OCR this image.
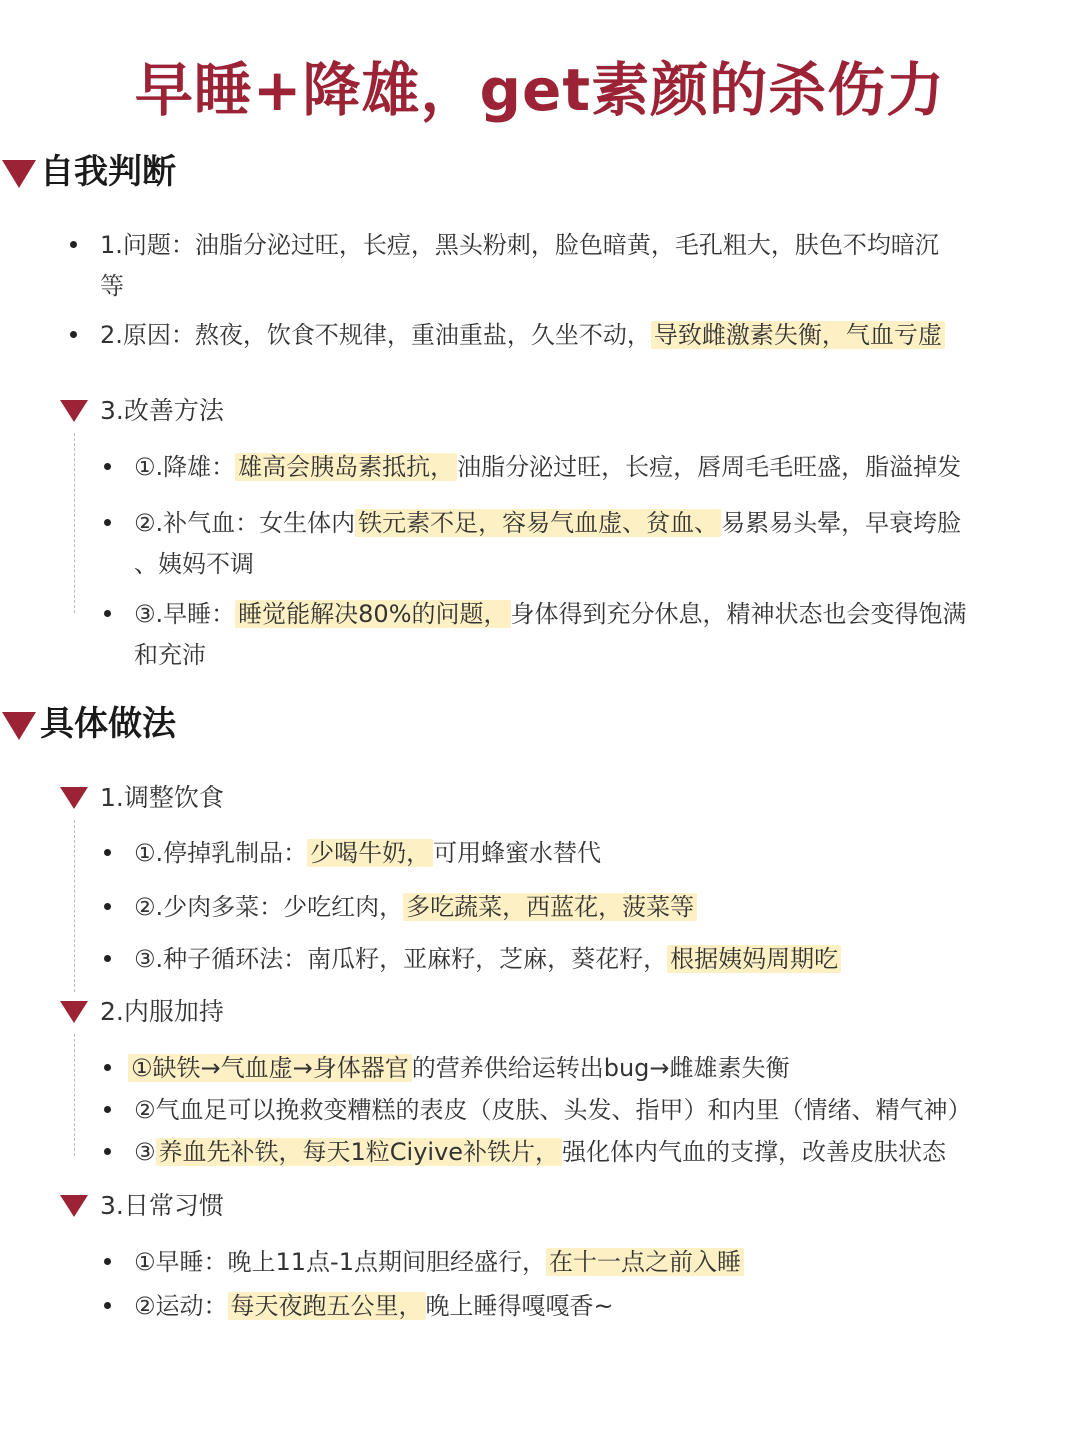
早睡+降雄，get素颜的杀伤力
自我判断
1.问题：油脂分泌过旺，长痘，黑头粉刺，脸色暗黄，毛孔粗大，肤色不均暗沉
等
2.原因：熬夜，饮食不规律，重油重盐，久坐不动， 导致雌激素失衡，气血亏虚
3.改善方法
①.降雄： 雄高会胰岛素抵抗， 油脂分泌过旺，长痘，唇周毛毛旺盛，脂溢掉发
②.补气血：女生体内 铁元素不足，容易气血虚、贫血、 易累易头晕，早衰垮脸
、姨妈不调
③.早睡： 睡觉能解决80%的问题， 身体得到充分休息，精神状态也会变得饱满
和充沛
具体做法
1.调整饮食
①.停掉乳制品： 少喝牛奶， 可用蜂蜜水替代
②.少肉多菜：少吃红肉， 多吃蔬菜，西蓝花，菠菜等
③.种子循环法：南瓜籽，亚麻籽，芝麻，葵花籽， 根据姨妈周期吃
2.内服加持
①缺铁→气血虚→身体器官 的营养供给运转出bug→雌雄素失衡
②气血足可以挽救变糟糕的表皮（皮肤、头发、指甲）和内里（情绪、精气神）
③ 养血先补铁，每天1粒Ciyive补铁片， 强化体内气血的支撑，改善皮肤状态
3.日常习惯
①早睡：晚上11点-1点期间胆经盛行， 在十一点之前入睡
②运动： 每天夜跑五公里， 晚上睡得嘎嘎香~
